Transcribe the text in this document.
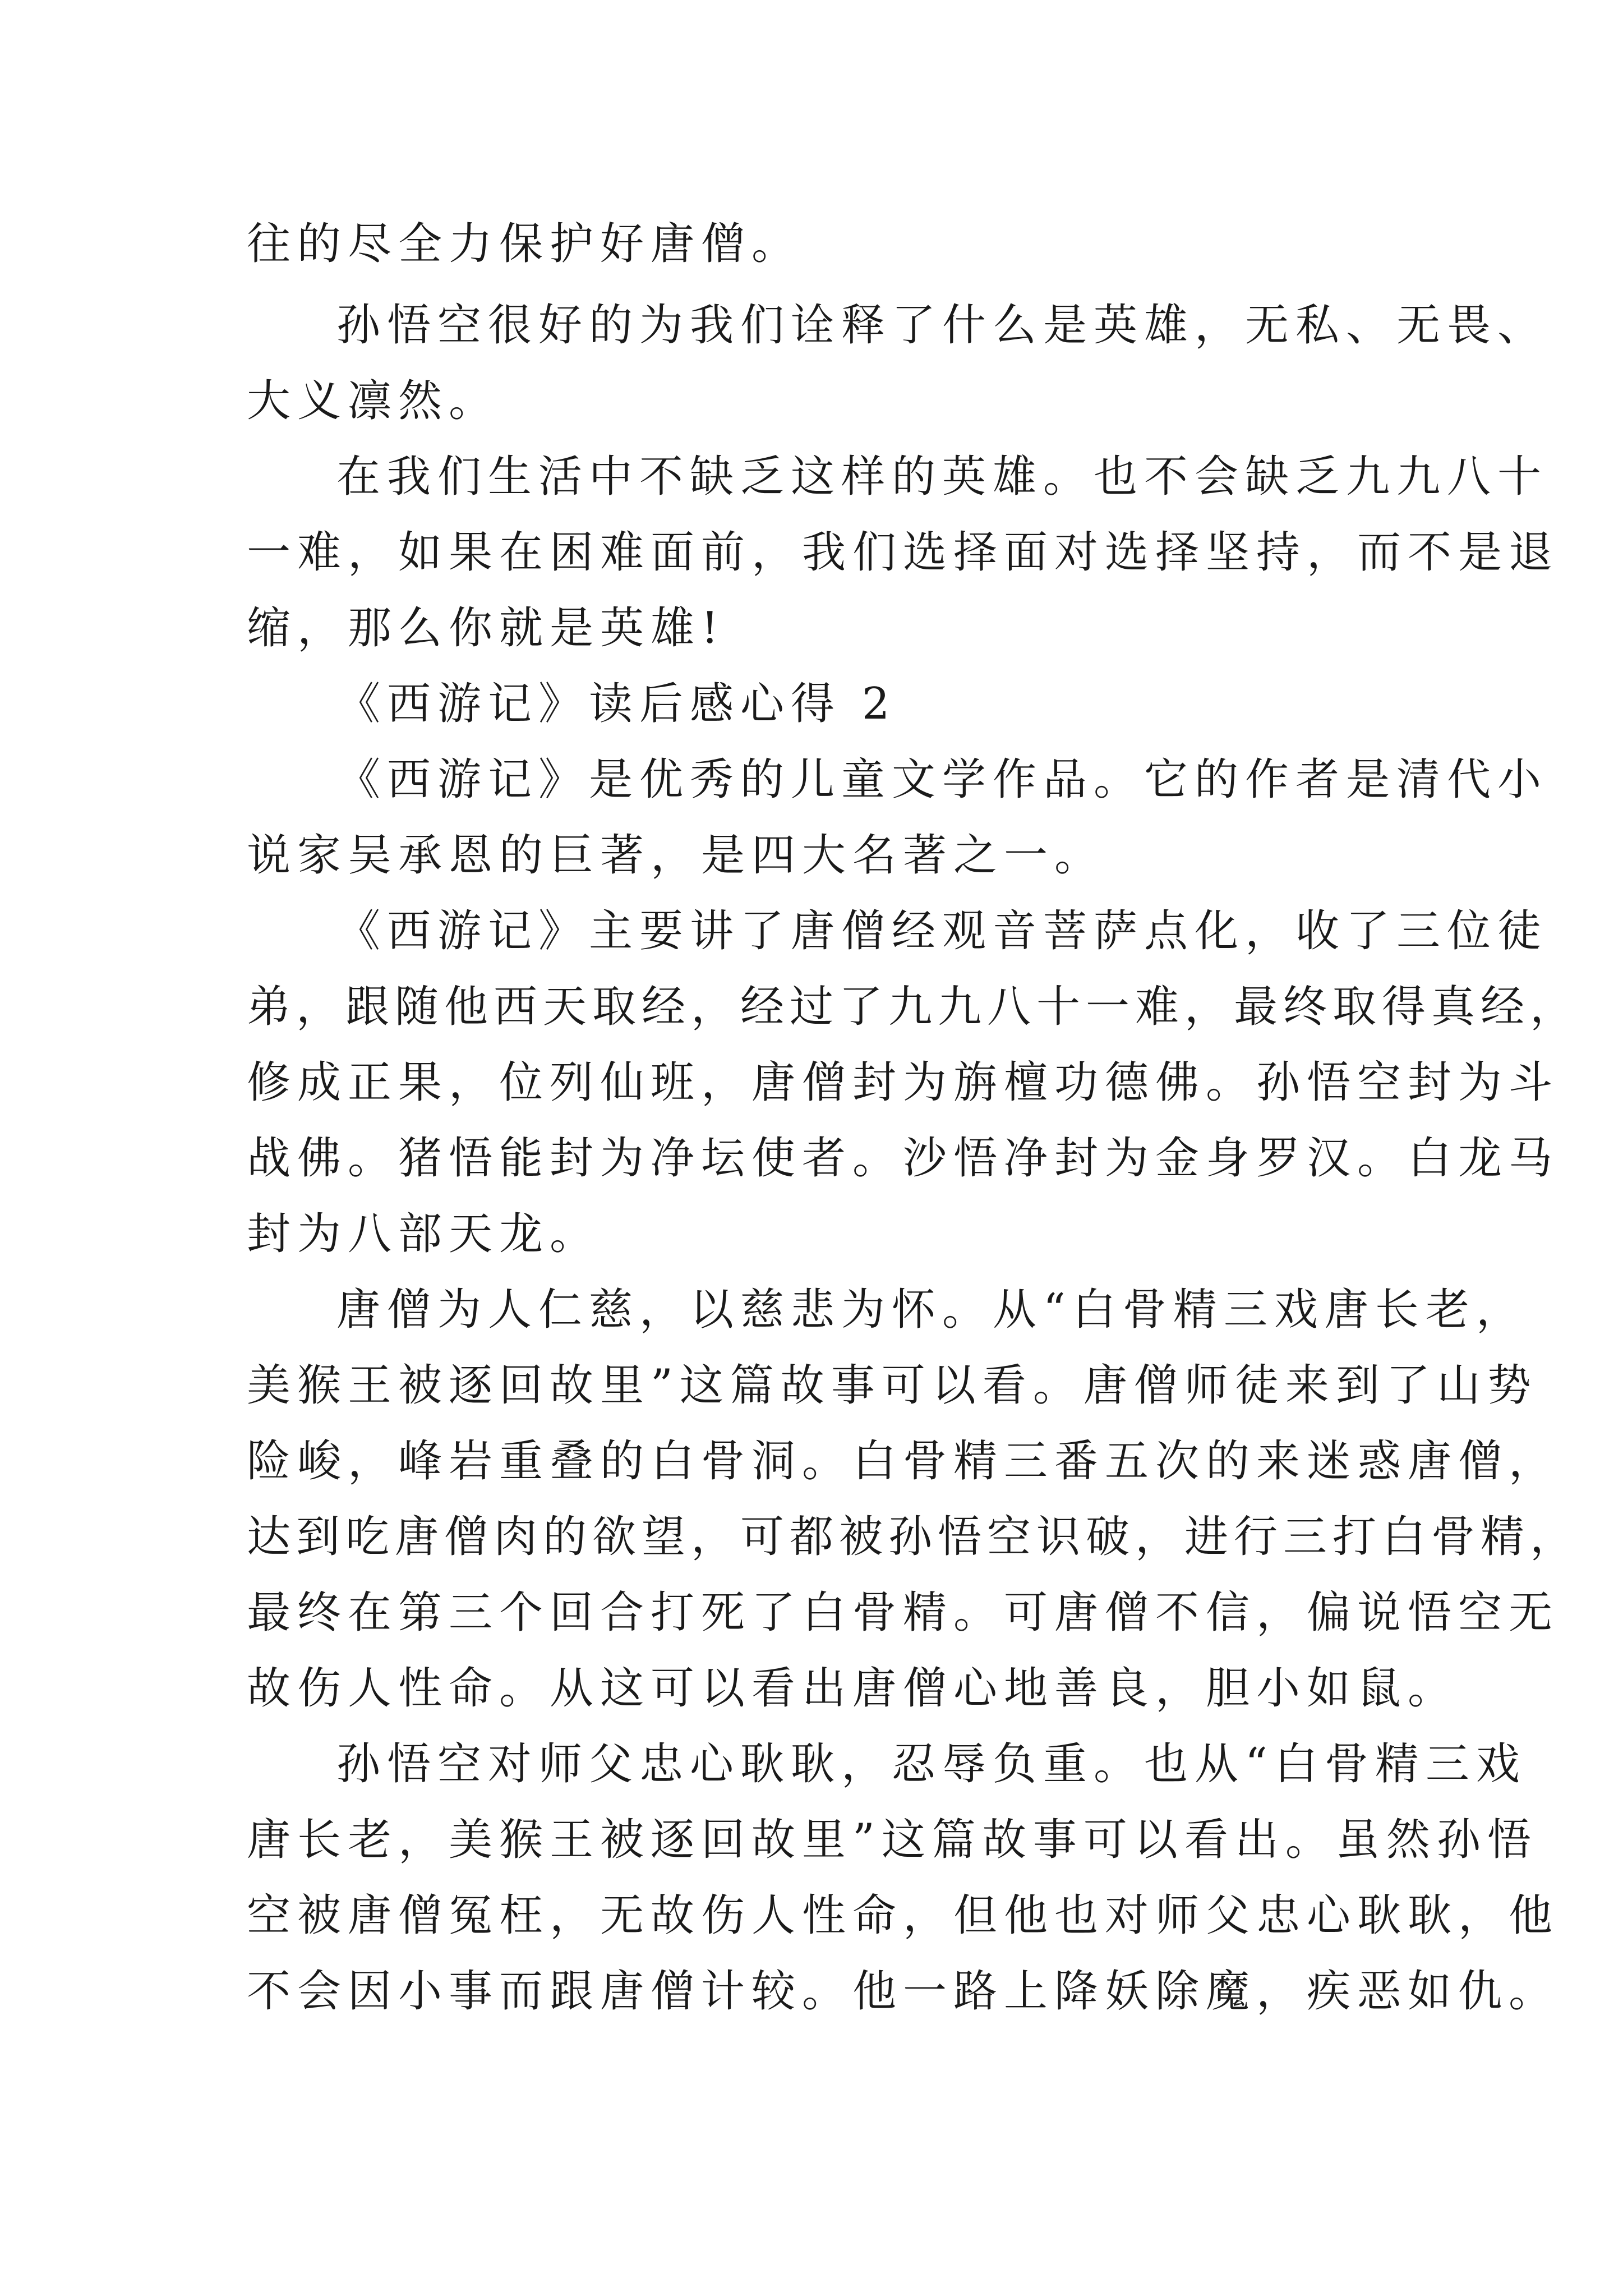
往的尽全力保护好唐僧。
孙悟空很好的为我们诠释了什么是英雄，无私、无畏、
大义凛然。
在我们生活中不缺乏这样的英雄。也不会缺乏九九八十
一难，如果在困难面前，我们选择面对选择坚持，而不是退
缩，那么你就是英雄!
《西游记》读后感心得 2
《西游记》是优秀的儿童文学作品。它的作者是清代小
说家吴承恩的巨著，是四大名著之一。
《西游记》主要讲了唐僧经观音菩萨点化，收了三位徒
弟，跟随他西天取经，经过了九九八十一难，最终取得真经，
修成正果，位列仙班，唐僧封为旃檀功德佛。孙悟空封为斗
战佛。猪悟能封为净坛使者。沙悟净封为金身罗汉。白龙马
封为八部天龙。
唐僧为人仁慈，以慈悲为怀。从“白骨精三戏唐长老，
美猴王被逐回故里”这篇故事可以看。唐僧师徒来到了山势
险峻，峰岩重叠的白骨洞。白骨精三番五次的来迷惑唐僧，
达到吃唐僧肉的欲望，可都被孙悟空识破，进行三打白骨精，
最终在第三个回合打死了白骨精。可唐僧不信，偏说悟空无
故伤人性命。从这可以看出唐僧心地善良，胆小如鼠。
孙悟空对师父忠心耿耿，忍辱负重。也从“白骨精三戏
唐长老，美猴王被逐回故里”这篇故事可以看出。虽然孙悟
空被唐僧冤枉，无故伤人性命，但他也对师父忠心耿耿，他
不会因小事而跟唐僧计较。他一路上降妖除魔，疾恶如仇。
